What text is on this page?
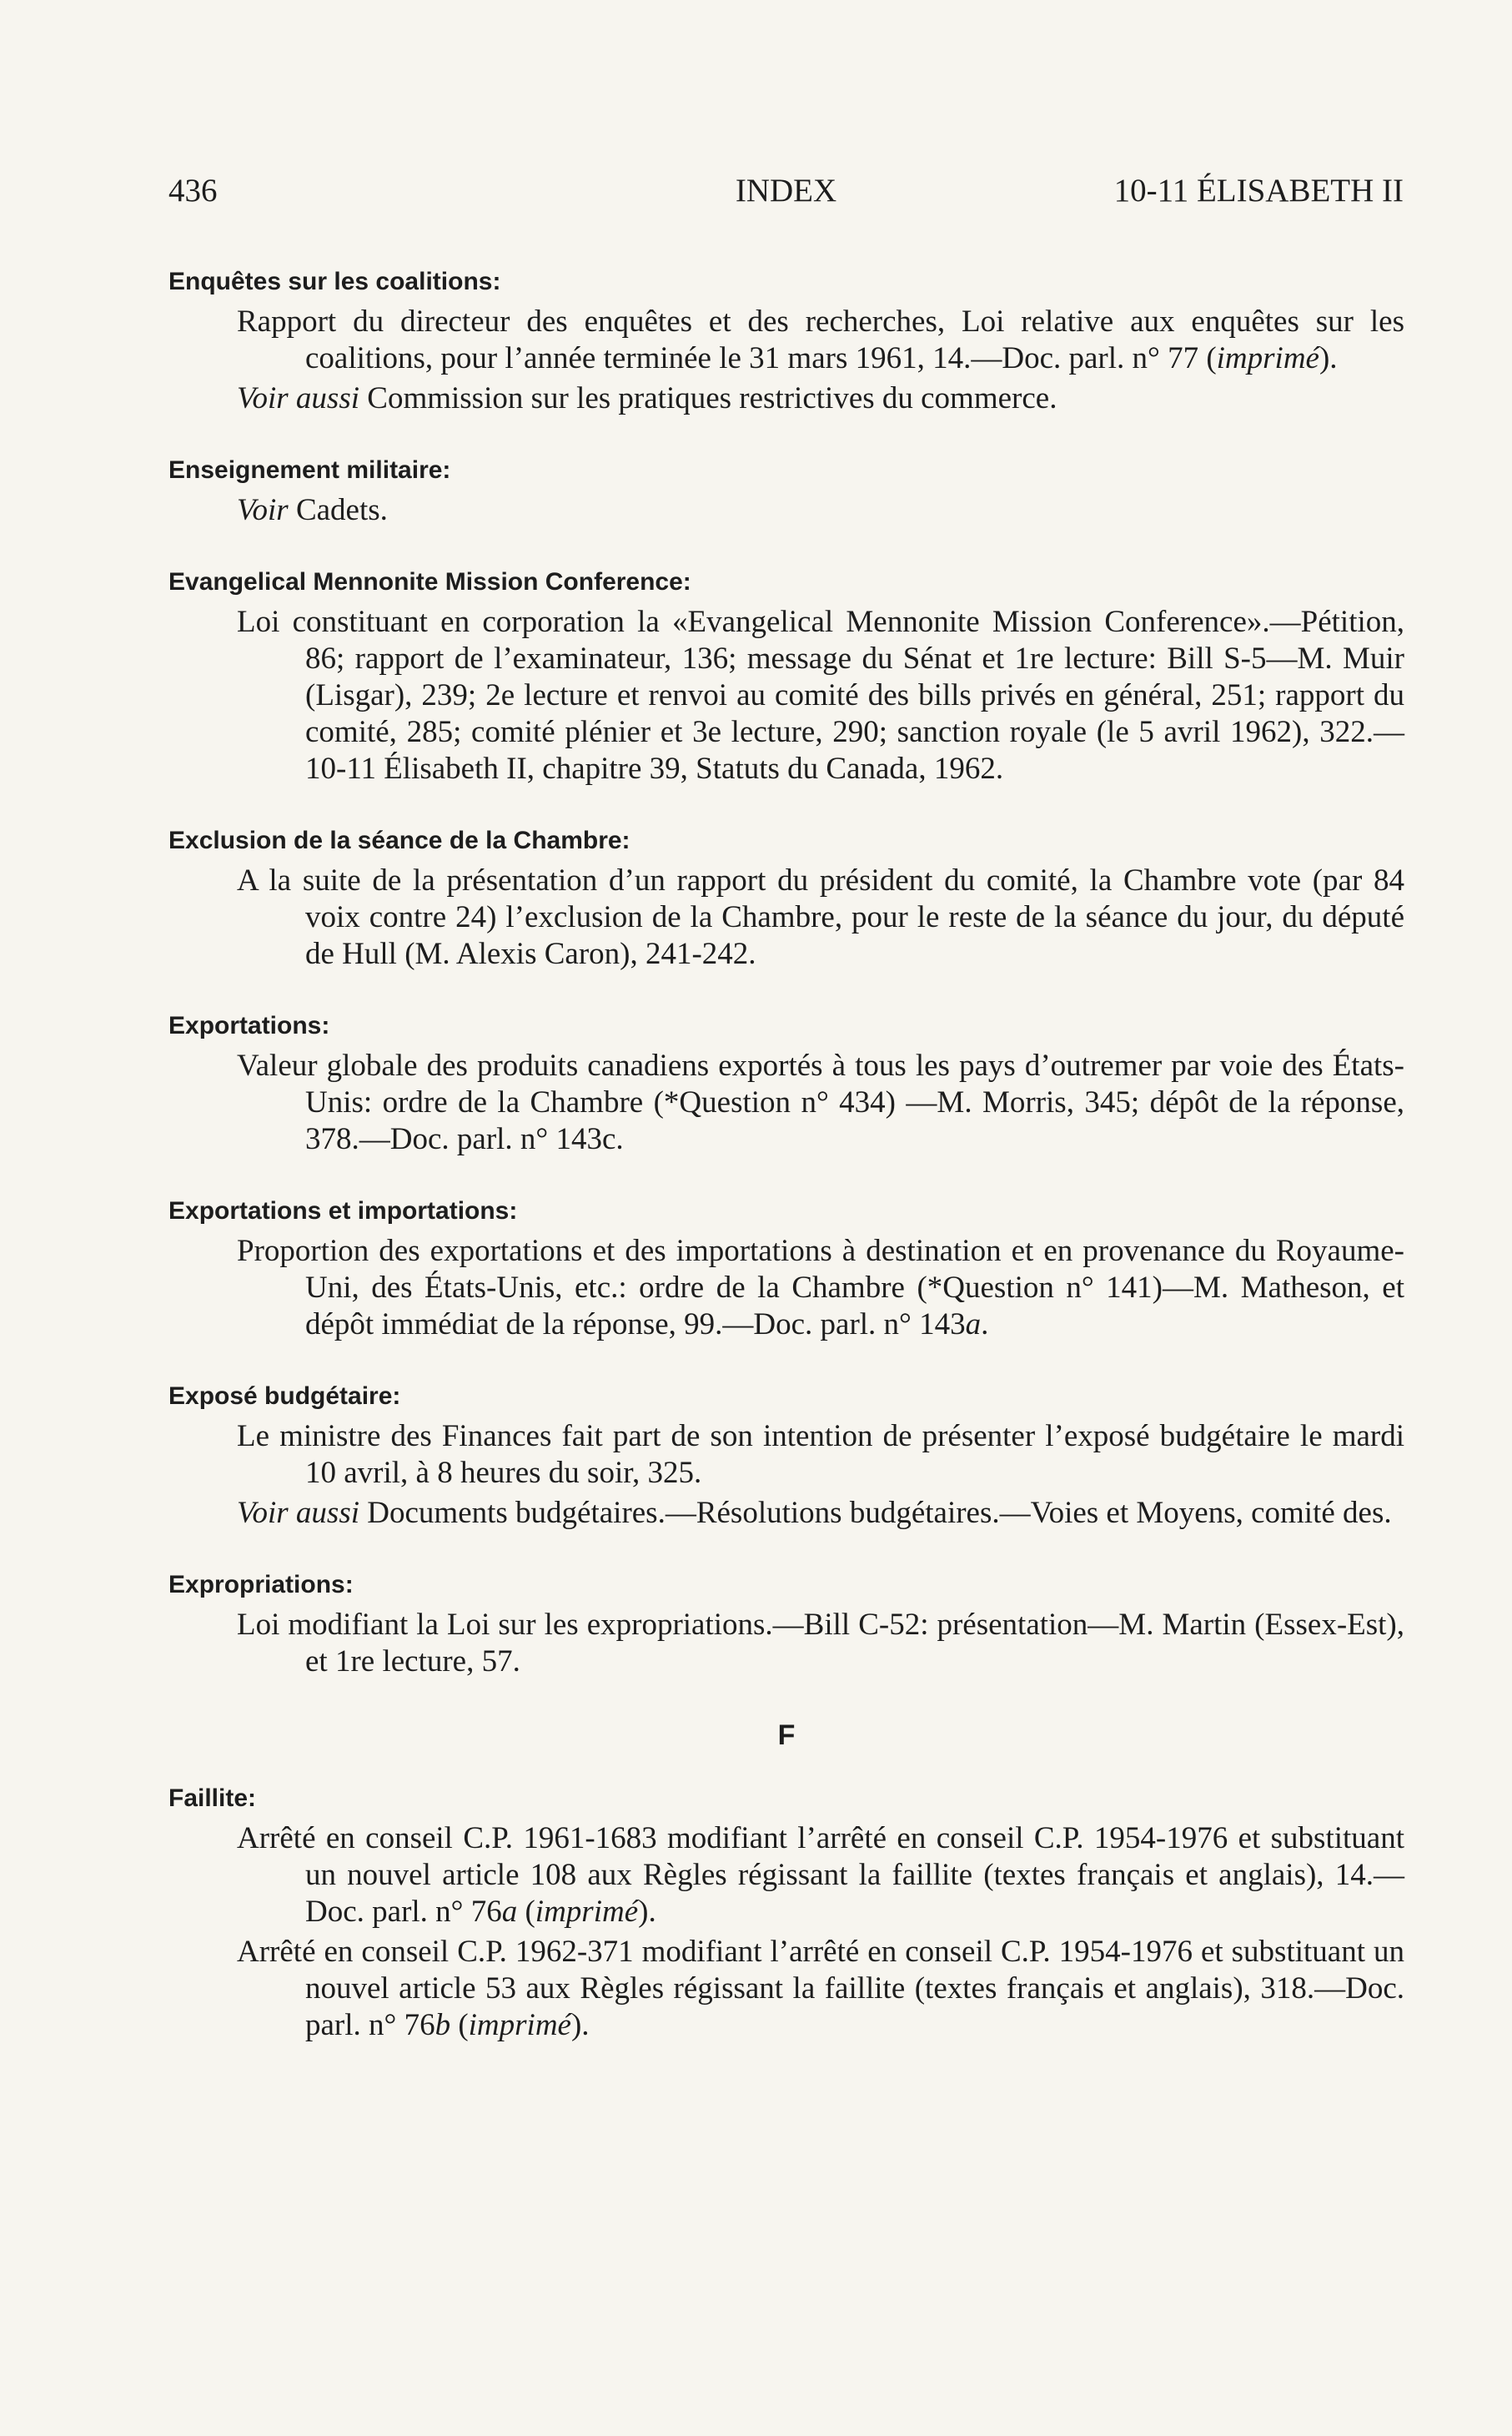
436	INDEX	10-11 ÉLISABETH II
Enquêtes sur les coalitions:
Rapport du directeur des enquêtes et des recherches, Loi relative aux enquêtes sur les coalitions, pour l’année terminée le 31 mars 1961, 14.—Doc. parl. n° 77 (imprimé).
Voir aussi Commission sur les pratiques restrictives du commerce.
Enseignement militaire:
Voir Cadets.
Evangelical Mennonite Mission Conference:
Loi constituant en corporation la «Evangelical Mennonite Mission Conference».—Pétition, 86; rapport de l’examinateur, 136; message du Sénat et 1re lecture: Bill S-5—M. Muir (Lisgar), 239; 2e lecture et renvoi au comité des bills privés en général, 251; rapport du comité, 285; comité plénier et 3e lecture, 290; sanction royale (le 5 avril 1962), 322.—10-11 Élisabeth II, chapitre 39, Statuts du Canada, 1962.
Exclusion de la séance de la Chambre:
A la suite de la présentation d’un rapport du président du comité, la Chambre vote (par 84 voix contre 24) l’exclusion de la Chambre, pour le reste de la séance du jour, du député de Hull (M. Alexis Caron), 241-242.
Exportations:
Valeur globale des produits canadiens exportés à tous les pays d’outremer par voie des États-Unis: ordre de la Chambre (*Question n° 434) —M. Morris, 345; dépôt de la réponse, 378.—Doc. parl. n° 143c.
Exportations et importations:
Proportion des exportations et des importations à destination et en provenance du Royaume-Uni, des États-Unis, etc.: ordre de la Chambre (*Question n° 141)—M. Matheson, et dépôt immédiat de la réponse, 99.—Doc. parl. n° 143a.
Exposé budgétaire:
Le ministre des Finances fait part de son intention de présenter l’exposé budgétaire le mardi 10 avril, à 8 heures du soir, 325.
Voir aussi Documents budgétaires.—Résolutions budgétaires.—Voies et Moyens, comité des.
Expropriations:
Loi modifiant la Loi sur les expropriations.—Bill C-52: présentation—M. Martin (Essex-Est), et 1re lecture, 57.
F
Faillite:
Arrêté en conseil C.P. 1961-1683 modifiant l’arrêté en conseil C.P. 1954-1976 et substituant un nouvel article 108 aux Règles régissant la faillite (textes français et anglais), 14.—Doc. parl. n° 76a (imprimé).
Arrêté en conseil C.P. 1962-371 modifiant l’arrêté en conseil C.P. 1954-1976 et substituant un nouvel article 53 aux Règles régissant la faillite (textes français et anglais), 318.—Doc. parl. n° 76b (imprimé).
